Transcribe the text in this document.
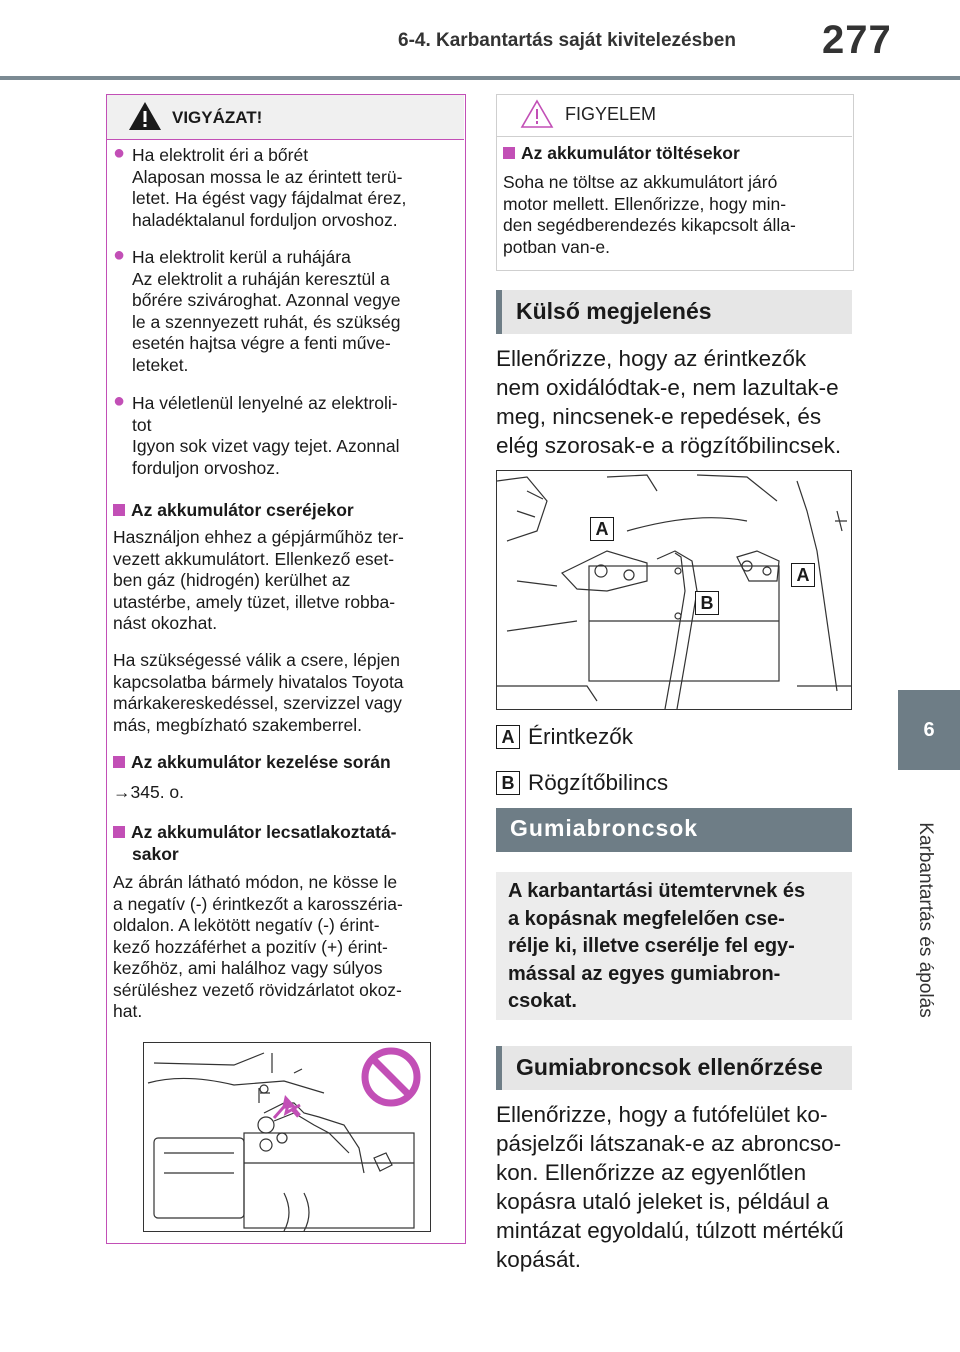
6-4. Karbantartás saját kivitelezésben 277
6
Karbantartás és ápolás
VIGYÁZAT!
● Ha elektrolit éri a bőrét
Alaposan mossa le az érintett terü-
letet. Ha égést vagy fájdalmat érez,
haladéktalanul forduljon orvoshoz.
● Ha elektrolit kerül a ruhájára
Az elektrolit a ruháján keresztül a
bőrére szivároghat. Azonnal vegye
le a szennyezett ruhát, és szükség
esetén hajtsa végre a fenti műve-
leteket.
● Ha véletlenül lenyelné az elektroli-
tot
Igyon sok vizet vagy tejet. Azonnal
forduljon orvoshoz.
Az akkumulátor cseréjekor
Használjon ehhez a gépjárműhöz ter-
vezett akkumulátort. Ellenkező eset-
ben gáz (hidrogén) kerülhet az
utastérbe, amely tüzet, illetve robba-
nást okozhat.
Ha szükségessé válik a csere, lépjen
kapcsolatba bármely hivatalos Toyota
márkakereskedéssel, szervizzel vagy
más, megbízható szakemberrel.
Az akkumulátor kezelése során
→345. o.
Az akkumulátor lecsatlakoztatá-
sakor
Az ábrán látható módon, ne kösse le
a negatív (-) érintkezőt a karosszéria-
oldalon. A lekötött negatív (-) érint-
kező hozzáférhet a pozitív (+) érint-
kezőhöz, ami halálhoz vagy súlyos
sérüléshez vezető rövidzárlatot okoz-
hat.
FIGYELEM
Az akkumulátor töltésekor
Soha ne töltse az akkumulátort járó
motor mellett. Ellenőrizze, hogy min-
den segédberendezés kikapcsolt álla-
potban van-e.
Külső megjelenés
Ellenőrizze, hogy az érintkezők
nem oxidálódtak-e, nem lazultak-e
meg, nincsenek-e repedések, és
elég szorosak-e a rögzítőbilincsek.
A
A
B
A Érintkezők
B Rögzítőbilincs
Gumiabroncsok
A karbantartási ütemtervnek és
a kopásnak megfelelően cse-
rélje ki, illetve cserélje fel egy-
mással az egyes gumiabron-
csokat.
Gumiabroncsok ellenőrzése
Ellenőrizze, hogy a futófelület ko-
pásjelzői látszanak-e az abroncso-
kon. Ellenőrizze az egyenlőtlen
kopásra utaló jeleket is, például a
mintázat egyoldalú, túlzott mértékű
kopását.
